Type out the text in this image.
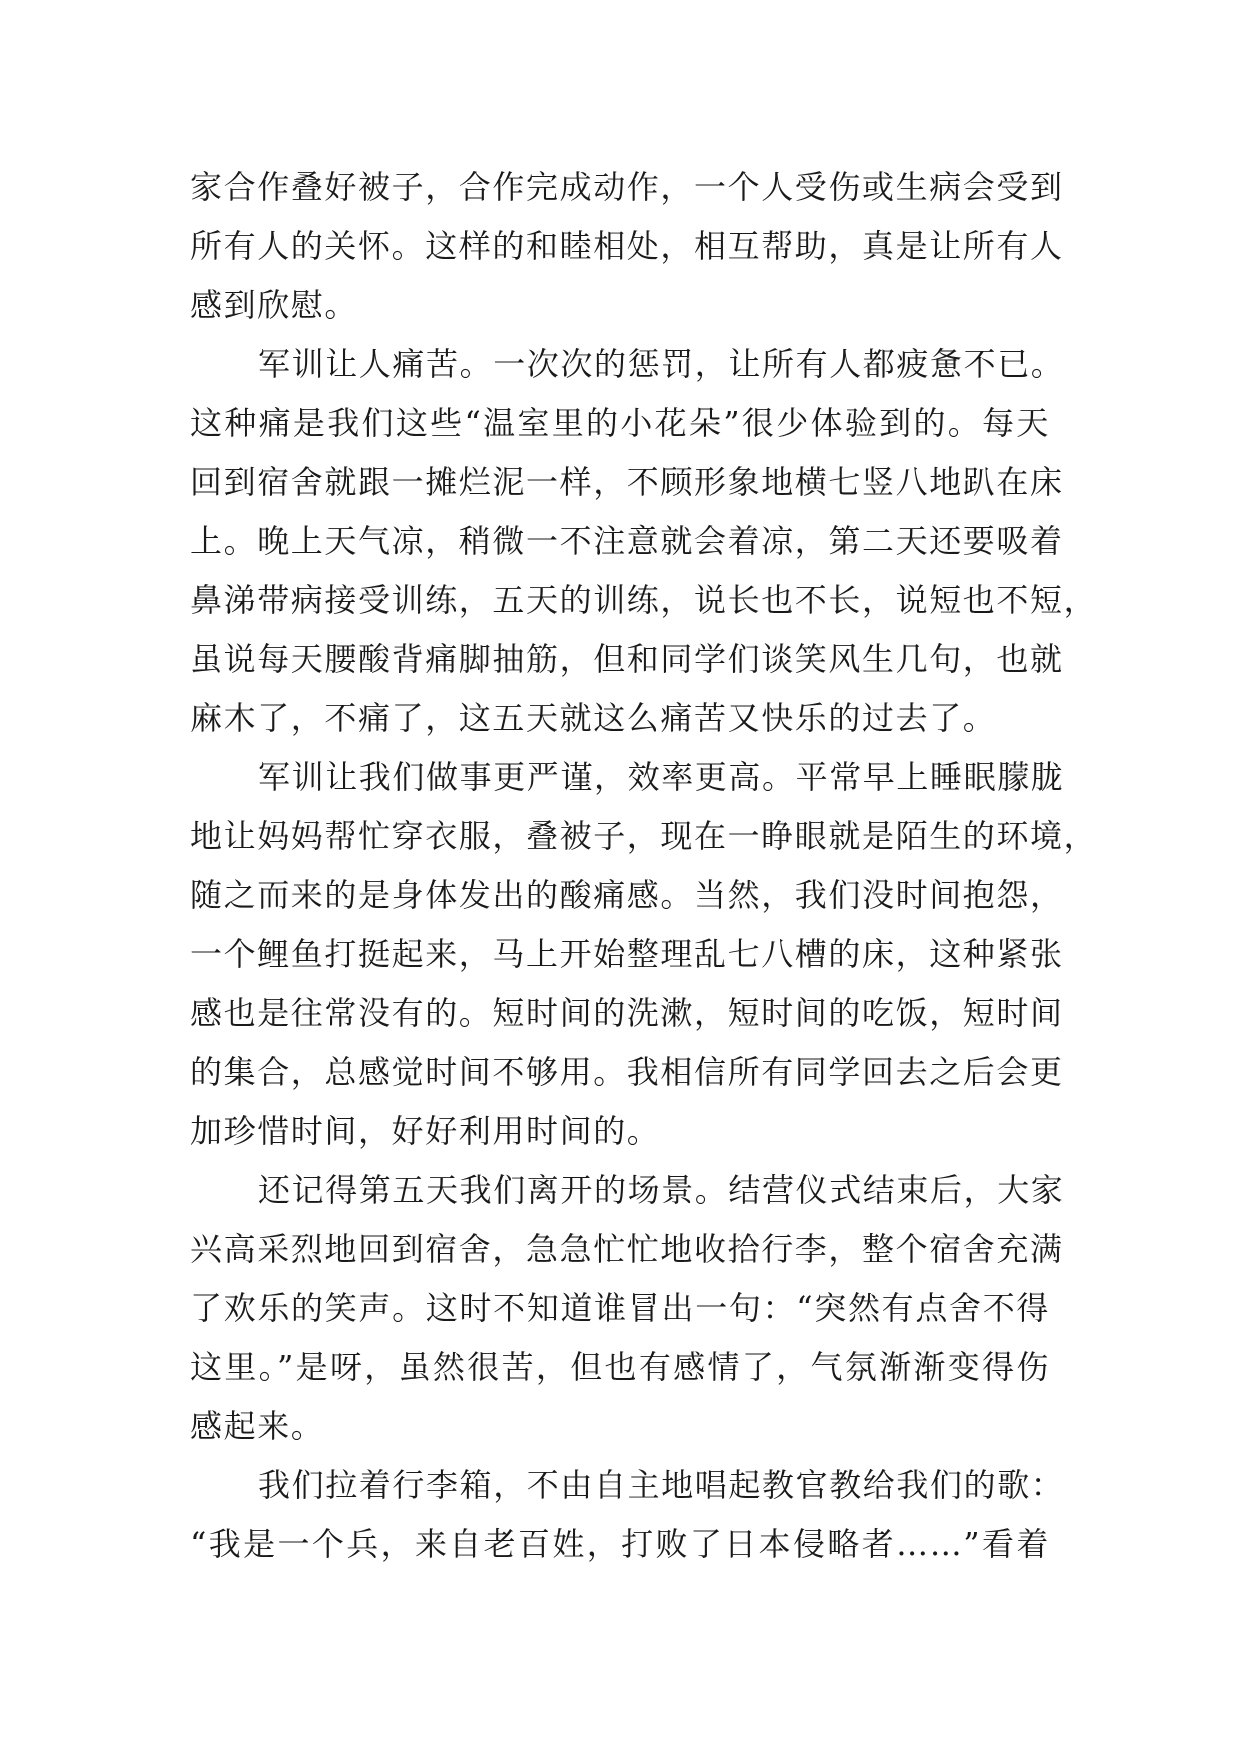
家合作叠好被子，合作完成动作，一个人受伤或生病会受到
所有人的关怀。这样的和睦相处，相互帮助，真是让所有人
感到欣慰。
军训让人痛苦。一次次的惩罚，让所有人都疲惫不已。
这种痛是我们这些“温室里的小花朵”很少体验到的。每天
回到宿舍就跟一摊烂泥一样，不顾形象地横七竖八地趴在床
上。晚上天气凉，稍微一不注意就会着凉，第二天还要吸着
鼻涕带病接受训练，五天的训练，说长也不长，说短也不短，
虽说每天腰酸背痛脚抽筋，但和同学们谈笑风生几句，也就
麻木了，不痛了，这五天就这么痛苦又快乐的过去了。
军训让我们做事更严谨，效率更高。平常早上睡眠朦胧
地让妈妈帮忙穿衣服，叠被子，现在一睁眼就是陌生的环境，
随之而来的是身体发出的酸痛感。当然，我们没时间抱怨，
一个鲤鱼打挺起来，马上开始整理乱七八槽的床，这种紧张
感也是往常没有的。短时间的洗漱，短时间的吃饭，短时间
的集合，总感觉时间不够用。我相信所有同学回去之后会更
加珍惜时间，好好利用时间的。
还记得第五天我们离开的场景。结营仪式结束后，大家
兴高采烈地回到宿舍，急急忙忙地收拾行李，整个宿舍充满
了欢乐的笑声。这时不知道谁冒出一句：“突然有点舍不得
这里。”是呀，虽然很苦，但也有感情了，气氛渐渐变得伤
感起来。
我们拉着行李箱，不由自主地唱起教官教给我们的歌：
“我是一个兵，来自老百姓，打败了日本侵略者……”看着
